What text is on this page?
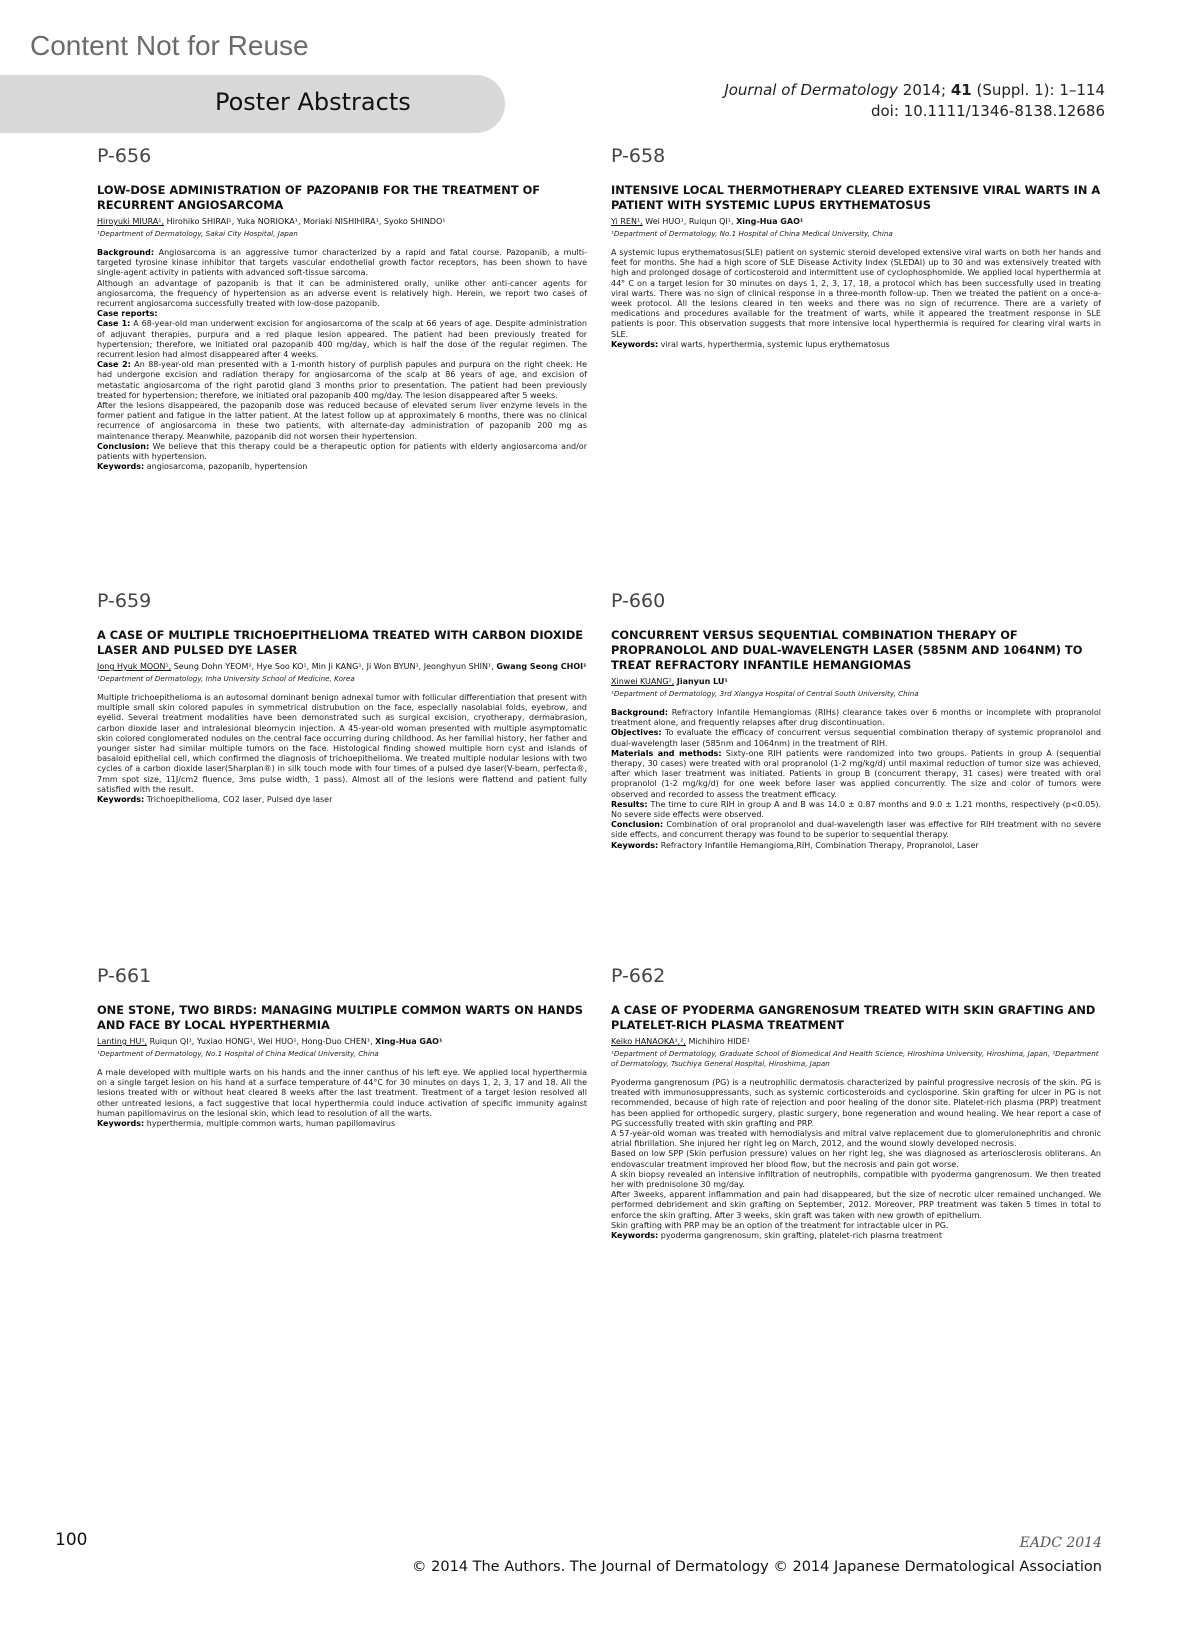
Content Not for Reuse
Poster Abstracts	Journal of Dermatology 2014; 41 (Suppl. 1): 1–114
doi: 10.1111/1346-8138.12686
P-656
LOW-DOSE ADMINISTRATION OF PAZOPANIB FOR THE TREATMENT OF RECURRENT ANGIOSARCOMA
Hiroyuki MIURA¹, Hirohiko SHIRAI¹, Yuka NORIOKA¹, Moriaki NISHIHIRA¹, Syoko SHINDO¹
¹Department of Dermatology, Sakai City Hospital, Japan

Background: Angiosarcoma is an aggressive tumor characterized by a rapid and fatal course. Pazopanib, a multi-targeted tyrosine kinase inhibitor that targets vascular endothelial growth factor receptors, has been shown to have single-agent activity in patients with advanced soft-tissue sarcoma.

Although an advantage of pazopanib is that it can be administered orally, unlike other anti-cancer agents for angiosarcoma, the frequency of hypertension as an adverse event is relatively high. Herein, we report two cases of recurrent angiosarcoma successfully treated with low-dose pazopanib.

Case reports:

Case 1: A 68-year-old man underwent excision for angiosarcoma of the scalp at 66 years of age. Despite administration of adjuvant therapies, purpura and a red plaque lesion appeared. The patient had been previously treated for hypertension; therefore, we initiated oral pazopanib 400 mg/day, which is half the dose of the regular regimen. The recurrent lesion had almost disappeared after 4 weeks.

Case 2: An 88-year-old man presented with a 1-month history of purplish papules and purpura on the right cheek. He had undergone excision and radiation therapy for angiosarcoma of the scalp at 86 years of age, and excision of metastatic angiosarcoma of the right parotid gland 3 months prior to presentation. The patient had been previously treated for hypertension; therefore, we initiated oral pazopanib 400 mg/day. The lesion disappeared after 5 weeks.

After the lesions disappeared, the pazopanib dose was reduced because of elevated serum liver enzyme levels in the former patient and fatigue in the latter patient. At the latest follow up at approximately 6 months, there was no clinical recurrence of angiosarcoma in these two patients, with alternate-day administration of pazopanib 200 mg as maintenance therapy. Meanwhile, pazopanib did not worsen their hypertension.

Conclusion: We believe that this therapy could be a therapeutic option for patients with elderly angiosarcoma and/or patients with hypertension.

Keywords: angiosarcoma, pazopanib, hypertension

P-658
INTENSIVE LOCAL THERMOTHERAPY CLEARED EXTENSIVE VIRAL WARTS IN A PATIENT WITH SYSTEMIC LUPUS ERYTHEMATOSUS
Yi REN¹, Wei HUO¹, Ruiqun QI¹, Xing-Hua GAO¹
¹Department of Dermatology, No.1 Hospital of China Medical University, China

A systemic lupus erythematosus(SLE) patient on systemic steroid developed extensive viral warts on both her hands and feet for months. She had a high score of SLE Disease Activity Index (SLEDAI) up to 30 and was extensively treated with high and prolonged dosage of corticosteroid and intermittent use of cyclophosphomide. We applied local hyperthermia at 44° C on a target lesion for 30 minutes on days 1, 2, 3, 17, 18, a protocol which has been successfully used in treating viral warts. There was no sign of clinical response in a three-month follow-up. Then we treated the patient on a once-a-week protocol. All the lesions cleared in ten weeks and there was no sign of recurrence. There are a variety of medications and procedures available for the treatment of warts, while it appeared the treatment response in SLE patients is poor. This observation suggests that more intensive local hyperthermia is required for clearing viral warts in SLE.

Keywords: viral warts, hyperthermia, systemic lupus erythematosus

P-659
A CASE OF MULTIPLE TRICHOEPITHELIOMA TREATED WITH CARBON DIOXIDE LASER AND PULSED DYE LASER
Jong Hyuk MOON¹, Seung Dohn YEOM¹, Hye Soo KO¹, Min Ji KANG¹, Ji Won BYUN¹, Jeonghyun SHIN¹, Gwang Seong CHOI¹
¹Department of Dermatology, Inha University School of Medicine, Korea

Multiple trichoepithelioma is an autosomal dominant benign adnexal tumor with follicular differentiation that present with multiple small skin colored papules in symmetrical distrubution on the face, especially nasolabial folds, eyebrow, and eyelid. Several treatment modalities have been demonstrated such as surgical excision, cryotherapy, dermabrasion, carbon dioxide laser and intralesional bleomycin injection. A 45-year-old woman presented with multiple asymptomatic skin colored conglomerated nodules on the central face occurring during childhood. As her familial history, her father and younger sister had similar multiple tumors on the face. Histological finding showed multiple horn cyst and islands of basaloid epithelial cell, which confirmed the diagnosis of trichoepithelioma. We treated multiple nodular lesions with two cycles of a carbon dioxide laser(Sharplan®) in silk touch mode with four times of a pulsed dye laser(V-beam, perfecta®, 7mm spot size, 11J/cm2 fluence, 3ms pulse width, 1 pass). Almost all of the lesions were flattend and patient fully satisfied with the result.

Keywords: Trichoepithelioma, CO2 laser, Pulsed dye laser

P-660
CONCURRENT VERSUS SEQUENTIAL COMBINATION THERAPY OF PROPRANOLOL AND DUAL-WAVELENGTH LASER (585NM AND 1064NM) TO TREAT REFRACTORY INFANTILE HEMANGIOMAS
Xinwei KUANG¹, Jianyun LU¹
¹Department of Dermatology, 3rd Xiangya Hospital of Central South University, China

Background: Refractory Infantile Hemangiomas (RIHs) clearance takes over 6 months or incomplete with propranolol treatment alone, and frequently relapses after drug discontinuation.

Objectives: To evaluate the efficacy of concurrent versus sequential combination therapy of systemic propranolol and dual-wavelength laser (585nm and 1064nm) in the treatment of RIH.

Materials and methods: Sixty-one RIH patients were randomized into two groups. Patients in group A (sequential therapy, 30 cases) were treated with oral propranolol (1-2 mg/kg/d) until maximal reduction of tumor size was achieved, after which laser treatment was initiated. Patients in group B (concurrent therapy, 31 cases) were treated with oral propranolol (1-2 mg/kg/d) for one week before laser was applied concurrently. The size and color of tumors were observed and recorded to assess the treatment efficacy.

Results: The time to cure RIH in group A and B was 14.0 ± 0.87 months and 9.0 ± 1.21 months, respectively (p<0.05). No severe side effects were observed.

Conclusion: Combination of oral propranolol and dual-wavelength laser was effective for RIH treatment with no severe side effects, and concurrent therapy was found to be superior to sequential therapy.

Keywords: Refractory Infantile Hemangioma,RIH, Combination Therapy, Propranolol, Laser

P-661
ONE STONE, TWO BIRDS: MANAGING MULTIPLE COMMON WARTS ON HANDS AND FACE BY LOCAL HYPERTHERMIA
Lanting HU¹, Ruiqun QI¹, Yuxiao HONG¹, Wei HUO¹, Hong-Duo CHEN¹, Xing-Hua GAO¹
¹Department of Dermatology, No.1 Hospital of China Medical University, China

A male developed with multiple warts on his hands and the inner canthus of his left eye. We applied local hyperthermia on a single target lesion on his hand at a surface temperature of 44°C for 30 minutes on days 1, 2, 3, 17 and 18. All the lesions treated with or without heat cleared 8 weeks after the last treatment. Treatment of a target lesion resolved all other untreated lesions, a fact suggestive that local hyperthermia could induce activation of specific immunity against human papillomavirus on the lesional skin, which lead to resolution of all the warts.

Keywords: hyperthermia, multiple common warts, human papillomavirus

P-662
A CASE OF PYODERMA GANGRENOSUM TREATED WITH SKIN GRAFTING AND PLATELET-RICH PLASMA TREATMENT
Keiko HANAOKA¹,², Michihiro HIDE¹
¹Department of Dermatology, Graduate School of Biomedical And Health Science, Hiroshima University, Hiroshima, Japan, ²Department of Dermatology, Tsuchiya General Hospital, Hiroshima, Japan

Pyoderma gangrenosum (PG) is a neutrophilic dermatosis characterized by painful progressive necrosis of the skin. PG is treated with immunosuppressants, such as systemic corticosteroids and cyclosporine. Skin grafting for ulcer in PG is not recommended, because of high rate of rejection and poor healing of the donor site. Platelet-rich plasma (PRP) treatment has been applied for orthopedic surgery, plastic surgery, bone regeneration and wound healing. We hear report a case of PG successfully treated with skin grafting and PRP.

A 57-year-old woman was treated with hemodialysis and mitral valve replacement due to glomerulonephritis and chronic atrial fibrillation. She injured her right leg on March, 2012, and the wound slowly developed necrosis.

Based on low SPP (Skin perfusion pressure) values on her right leg, she was diagnosed as arteriosclerosis obliterans. An endovascular treatment improved her blood flow, but the necrosis and pain got worse.

A skin biopsy revealed an intensive infiltration of neutrophils, compatible with pyoderma gangrenosum. We then treated her with prednisolone 30 mg/day.

After 3weeks, apparent inflammation and pain had disappeared, but the size of necrotic ulcer remained unchanged. We performed debridement and skin grafting on September, 2012. Moreover, PRP treatment was taken 5 times in total to enforce the skin grafting. After 3 weeks, skin graft was taken with new growth of epithelium.

Skin grafting with PRP may be an option of the treatment for intractable ulcer in PG.

Keywords: pyoderma gangrenosum, skin grafting, platelet-rich plasma treatment

100	EADC 2014
© 2014 The Authors. The Journal of Dermatology © 2014 Japanese Dermatological Association
